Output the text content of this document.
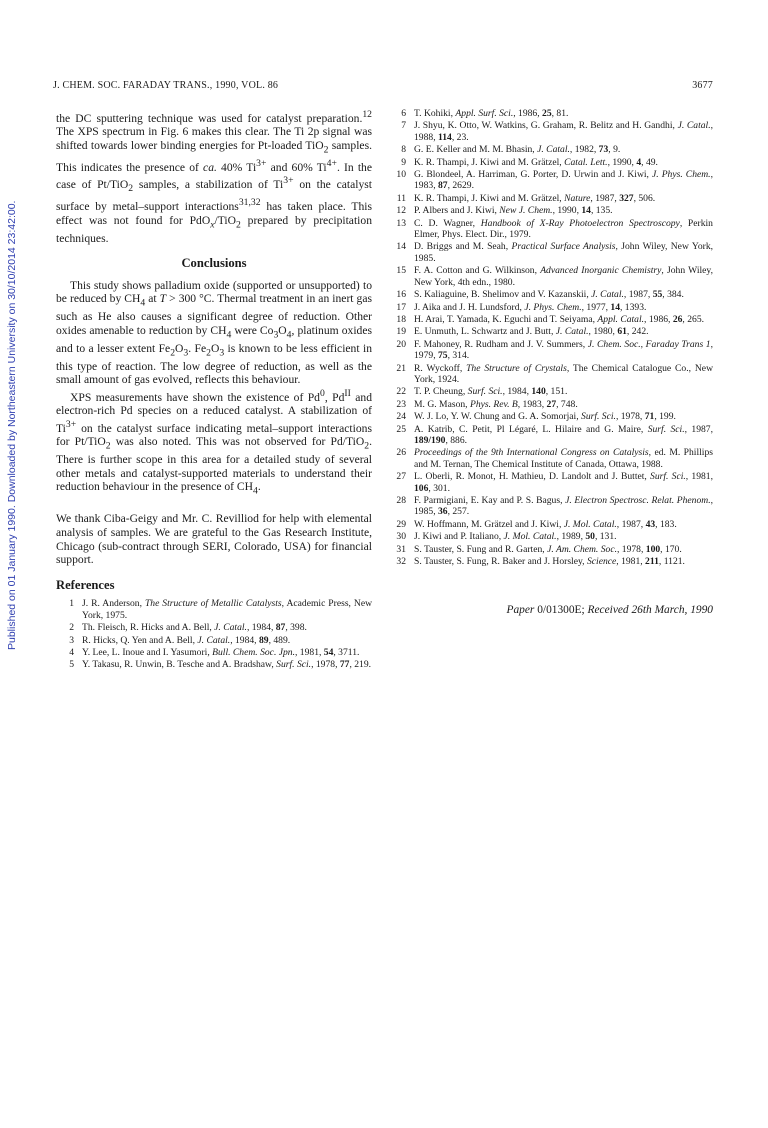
J. CHEM. SOC. FARADAY TRANS., 1990, VOL. 86	3677
Published on 01 January 1990. Downloaded by Northeastern University on 30/10/2014 23:42:00.

the DC sputtering technique was used for catalyst preparation.$^{12}$ The XPS spectrum in Fig. 6 makes this clear. The Ti 2p signal was shifted towards lower binding energies for Pt-loaded TiO$_2$ samples. This indicates the presence of ca. 40% $Ti^{3+}$ and 60% $Ti^{4+}$. In the case of Pt/TiO$_2$ samples, a stabilization of $Ti^{3+}$ on the catalyst surface by metal–support interactions$^{31,32}$ has taken place. This effect was not found for PdO$_x$/TiO$_2$ prepared by precipitation techniques.

Conclusions

This study shows palladium oxide (supported or unsupported) to be reduced by $CH_4$ at T > 300 °C. Thermal treatment in an inert gas such as He also causes a significant degree of reduction. Other oxides amenable to reduction by $CH_4$ were $Co_3O_4$, platinum oxides and to a lesser extent $Fe_2O_3$. $Fe_2O_3$ is known to be less efficient in this type of reaction. The low degree of reduction, as well as the small amount of gas evolved, reflects this behaviour.

XPS measurements have shown the existence of Pd$^0$, $Pd^{II}$ and electron-rich Pd species on a reduced catalyst. A stabilization of $Ti^{3+}$ on the catalyst surface indicating metal–support interactions for Pt/TiO$_2$ was also noted. This was not observed for Pd/TiO$_2$. There is further scope in this area for a detailed study of several other metals and catalyst-supported materials to understand their reduction behaviour in the presence of $CH_4$.

We thank Ciba-Geigy and Mr. C. Revilliod for help with elemental analysis of samples. We are grateful to the Gas Research Institute, Chicago (sub-contract through SERI, Colorado, USA) for financial support.

References
1 J. R. Anderson, The Structure of Metallic Catalysts, Academic Press, New York, 1975.
2 Th. Fleisch, R. Hicks and A. Bell, J. Catal., 1984, 87, 398.
3 R. Hicks, Q. Yen and A. Bell, J. Catal., 1984, 89, 489.
4 Y. Lee, L. Inoue and I. Yasumori, Bull. Chem. Soc. Jpn., 1981, 54, 3711.
5 Y. Takasu, R. Unwin, B. Tesche and A. Bradshaw, Surf. Sci., 1978, 77, 219.
6 T. Kohiki, Appl. Surf. Sci., 1986, 25, 81.
7 J. Shyu, K. Otto, W. Watkins, G. Graham, R. Belitz and H. Gandhi, J. Catal., 1988, 114, 23.
8 G. E. Keller and M. M. Bhasin, J. Catal., 1982, 73, 9.
9 K. R. Thampi, J. Kiwi and M. Grätzel, Catal. Lett., 1990, 4, 49.
10 G. Blondeel, A. Harriman, G. Porter, D. Urwin and J. Kiwi, J. Phys. Chem., 1983, 87, 2629.
11 K. R. Thampi, J. Kiwi and M. Grätzel, Nature, 1987, 327, 506.
12 P. Albers and J. Kiwi, New J. Chem., 1990, 14, 135.
13 C. D. Wagner, Handbook of X-Ray Photoelectron Spectroscopy, Perkin Elmer, Phys. Elect. Dir., 1979.
14 D. Briggs and M. Seah, Practical Surface Analysis, John Wiley, New York, 1985.
15 F. A. Cotton and G. Wilkinson, Advanced Inorganic Chemistry, John Wiley, New York, 4th edn., 1980.
16 S. Kaliaguine, B. Shelimov and V. Kazanskii, J. Catal., 1987, 55, 384.
17 J. Aika and J. H. Lundsford, J. Phys. Chem., 1977, 14, 1393.
18 H. Arai, T. Yamada, K. Eguchi and T. Seiyama, Appl. Catal., 1986, 26, 265.
19 E. Unmuth, L. Schwartz and J. Butt, J. Catal., 1980, 61, 242.
20 F. Mahoney, R. Rudham and J. V. Summers, J. Chem. Soc., Faraday Trans 1, 1979, 75, 314.
21 R. Wyckoff, The Structure of Crystals, The Chemical Catalogue Co., New York, 1924.
22 T. P. Cheung, Surf. Sci., 1984, 140, 151.
23 M. G. Mason, Phys. Rev. B, 1983, 27, 748.
24 W. J. Lo, Y. W. Chung and G. A. Somorjai, Surf. Sci., 1978, 71, 199.
25 A. Katrib, C. Petit, Pl Légaré, L. Hilaire and G. Maire, Surf. Sci., 1987, 189/190, 886.
26 Proceedings of the 9th International Congress on Catalysis, ed. M. Phillips and M. Ternan, The Chemical Institute of Canada, Ottawa, 1988.
27 L. Oberli, R. Monot, H. Mathieu, D. Landolt and J. Buttet, Surf. Sci., 1981, 106, 301.
28 F. Parmigiani, E. Kay and P. S. Bagus, J. Electron Spectrosc. Relat. Phenom., 1985, 36, 257.
29 W. Hoffmann, M. Grätzel and J. Kiwi, J. Mol. Catal., 1987, 43, 183.
30 J. Kiwi and P. Italiano, J. Mol. Catal., 1989, 50, 131.
31 S. Tauster, S. Fung and R. Garten, J. Am. Chem. Soc., 1978, 100, 170.
32 S. Tauster, S. Fung, R. Baker and J. Horsley, Science, 1981, 211, 1121.
Paper 0/01300E; Received 26th March, 1990
